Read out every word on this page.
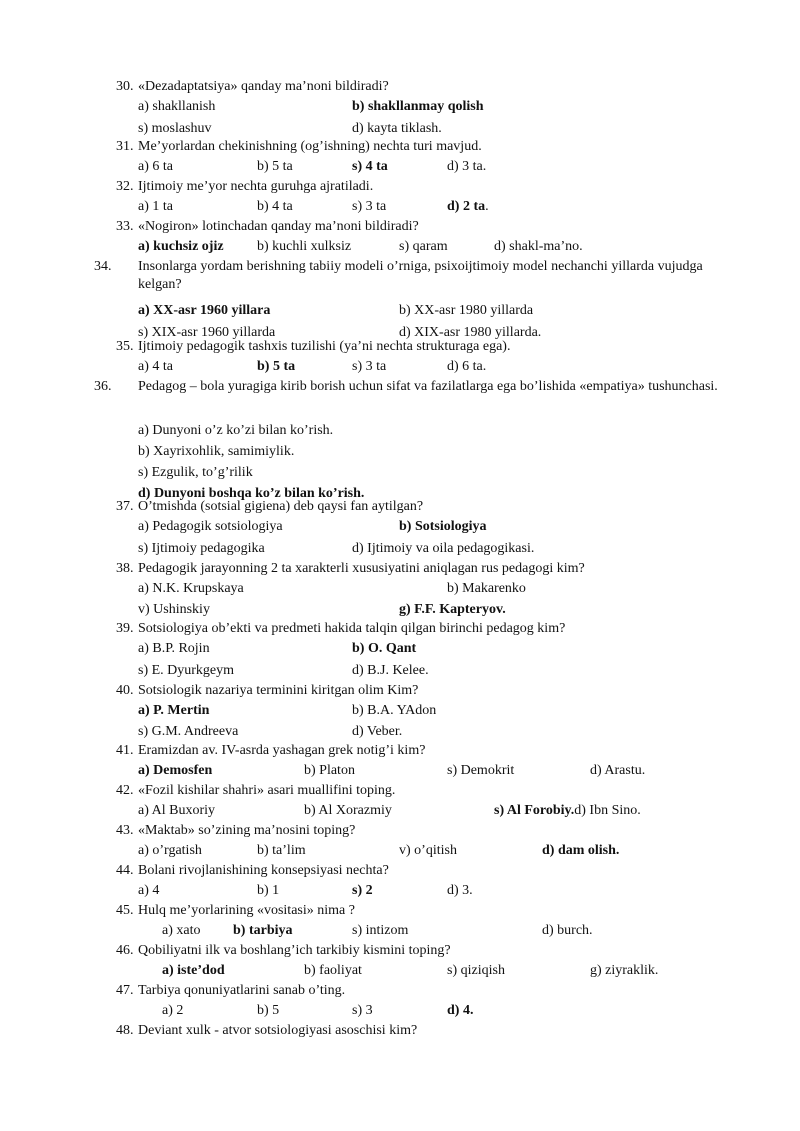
30. «Dezadaptatsiya» qanday ma’noni bildiradi?
a) shakllanish	b) shakllanmay qolish
s) moslashuv	d) kayta tiklash.
31. Me’yorlardan chekinishning (og’ishning) nechta turi mavjud.
a) 6 ta	b) 5 ta	s) 4 ta	d) 3 ta.
32. Ijtimoiy me’yor nechta guruhga ajratiladi.
a) 1 ta	b) 4 ta	s) 3 ta	d) 2 ta.
33. «Nogiron» lotinchadan qanday ma’noni bildiradi?
a) kuchsiz ojiz b) kuchli xulksiz	s) qaram	d) shakl-ma’no.
34. Insonlarga yordam berishning tabiiy modeli o’rniga, psixoijtimoiy model nechanchi yillarda vujudga kelgan?
a) XX-asr 1960 yillara	b) XX-asr 1980 yillarda
s) XIX-asr 1960 yillarda	d) XIX-asr 1980 yillarda.
35. Ijtimoiy pedagogik tashxis tuzilishi (ya’ni nechta strukturaga ega).
a) 4 ta	b) 5 ta	s) 3 ta	d) 6 ta.
36. Pedagog – bola yuragiga kirib borish uchun sifat va fazilatlarga ega bo’lishida «empatiya» tushunchasi.
a) Dunyoni o’z ko’zi bilan ko’rish.
b) Xayrixohlik, samimiylik.
s) Ezgulik, to’g’rilik
d) Dunyoni boshqa ko’z bilan ko’rish.
37. O’tmishda (sotsial gigiena) deb qaysi fan aytilgan?
a) Pedagogik sotsiologiya	b) Sotsiologiya
s) Ijtimoiy pedagogika	d) Ijtimoiy va oila pedagogikasi.
38. Pedagogik jarayonning 2 ta xarakterli xususiyatini aniqlagan rus pedagogi kim?
a) N.K. Krupskaya	b) Makarenko
v) Ushinskiy	g) F.F. Kapteryov.
39. Sotsiologiya ob’ekti va predmeti hakida talqin qilgan birinchi pedagog kim?
a) B.P. Rojin	b) O. Qant
s) E. Dyurkgeym	d) B.J. Kelee.
40. Sotsiologik nazariya terminini kiritgan olim Kim?
a) P. Mertin	b) B.A. YAdon
s) G.M. Andreeva	d) Veber.
41. Eramizdan av. IV-asrda yashagan grek notig’i kim?
a) Demosfen	b) Platon	s) Demokrit	d) Arastu.
42. «Fozil kishilar shahri» asari muallifini toping.
a) Al Buxoriy	b) Al Xorazmiy	s) Al Forobiy.d) Ibn Sino.
43. «Maktab» so’zining ma’nosini toping?
a) o’rgatish	b) ta’lim	v) o’qitish	d) dam olish.
44. Bolani rivojlanishining konsepsiyasi nechta?
a) 4	b) 1	s) 2	d) 3.
45. Hulq me’yorlarining «vositasi» nima ?
a) xato b) tarbiya	s) intizom	d) burch.
46. Qobiliyatni ilk va boshlang’ich tarkibiy kismini toping?
a) iste’dod	b) faoliyat	s) qiziqish	g) ziyraklik.
47. Tarbiya qonuniyatlarini sanab o’ting.
a) 2	b) 5	s) 3	d) 4.
48. Deviant xulk - atvor sotsiologiyasi asoschisi kim?
